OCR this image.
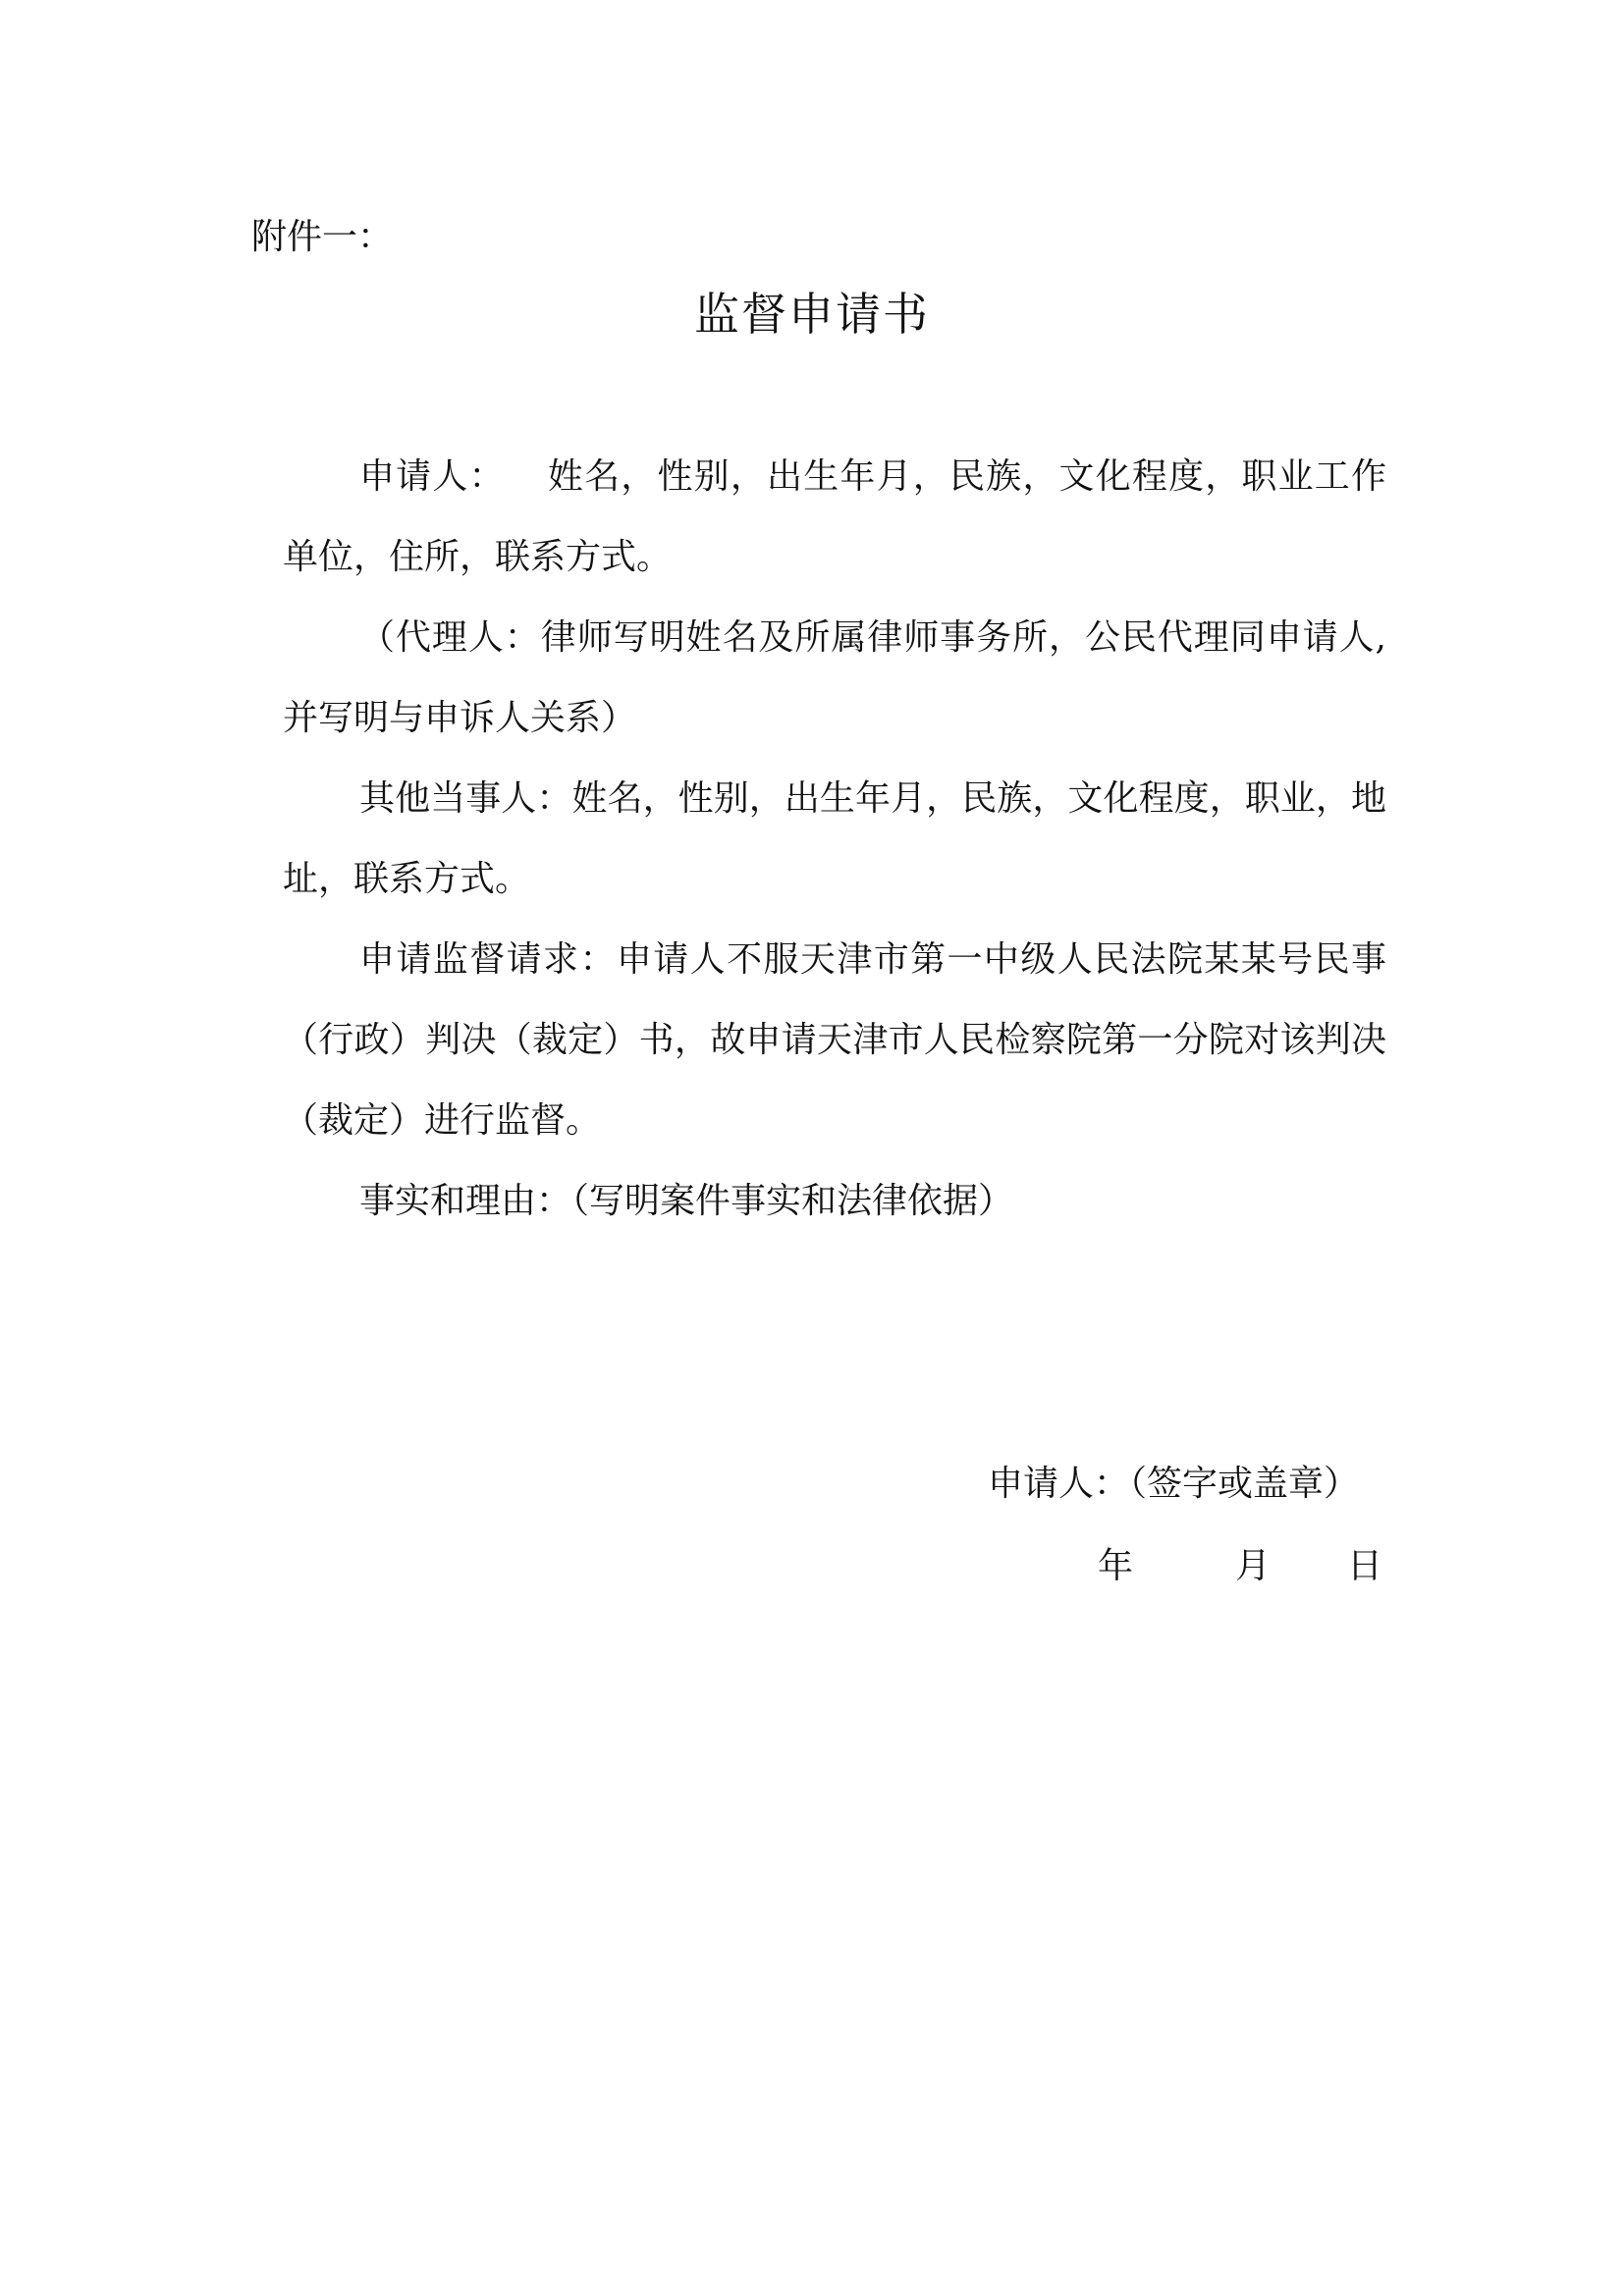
附件一：
监督申请书

申请人： 姓名，性别，出生年月，民族，文化程度，职业工作单位，住所，联系方式。

（代理人：律师写明姓名及所属律师事务所，公民代理同申请人, 并写明与申诉人关系）

其他当事人：姓名，性别，出生年月，民族，文化程度，职业，地址，联系方式。

申请监督请求：申请人不服天津市第一中级人民法院某某号民事（行政）判决（裁定）书，故申请天津市人民检察院第一分院对该判决（裁定）进行监督。

事实和理由：（写明案件事实和法律依据）

申请人：（签字或盖章）
年	月 日
